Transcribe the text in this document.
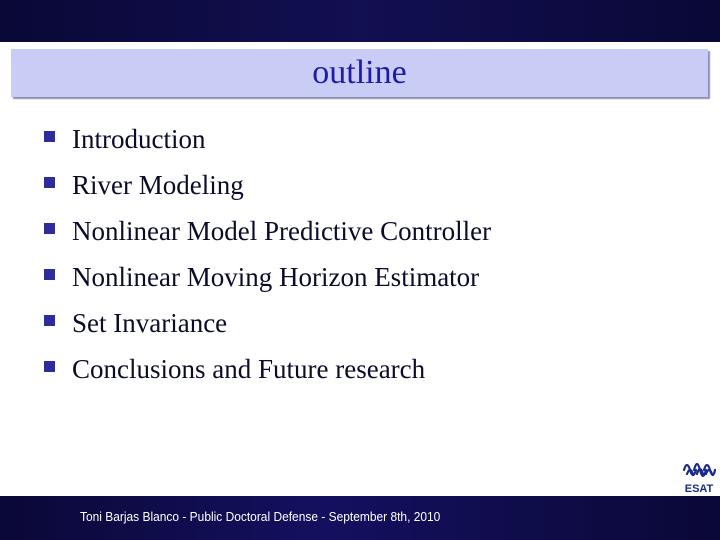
outline
Introduction
River Modeling
Nonlinear Model Predictive Controller
Nonlinear Moving Horizon Estimator
Set Invariance
Conclusions and Future research
ESAT
Toni Barjas Blanco - Public Doctoral Defense - September 8th, 2010
